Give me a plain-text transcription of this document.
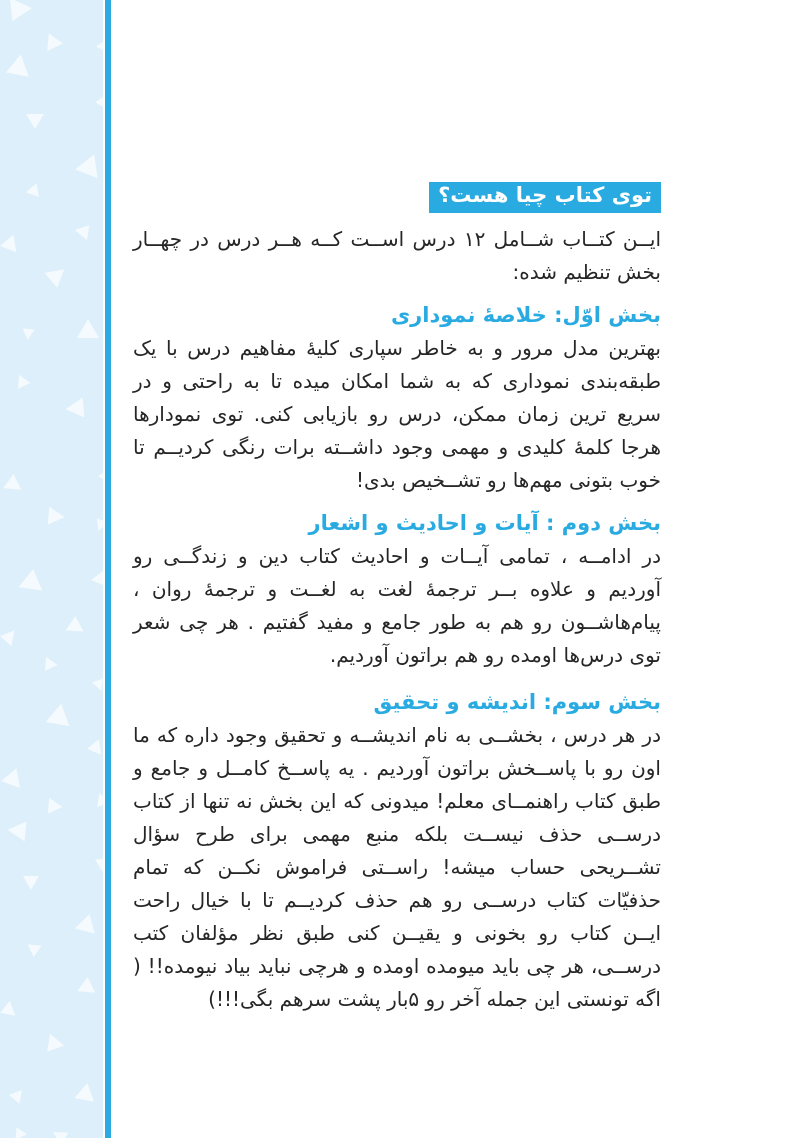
توی کتاب چیا هست؟

ایــن کتــاب شــامل ۱۲ درس اســت کــه هــر درس در چهــار بخش تنظیم شده:

بخش اوّل: خلاصهٔ نموداری

بهترین مدل مرور و به خاطر سپاری کلیهٔ مفاهیم درس با یک طبقه‌بندی نموداری که به شما امکان میده تا به راحتی و در سریع ترین زمان ممکن، درس رو بازیابی کنی. توی نمودارها هرجا کلمهٔ کلیدی و مهمی وجود داشــته برات رنگی کردیــم تا خوب بتونی مهم‌ها رو تشــخیص بدی!

بخش دوم : آیات و احادیث و اشعار

در ادامــه ، تمامی آیــات و احادیث کتاب دین و زندگــی رو آوردیم و علاوه بــر ترجمهٔ لغت به لغــت و ترجمهٔ روان ، پیام‌هاشــون رو هم به طور جامع و مفید گفتیم . هر چی شعر توی درس‌ها اومده رو هم براتون آوردیم.

بخش سوم: اندیشه و تحقیق

در هر درس ، بخشــی به نام اندیشــه و تحقیق وجود داره که ما اون رو با پاســخش براتون آوردیم . یه پاســخ کامــل و جامع و طبق کتاب راهنمــای معلم! میدونی که این بخش نه تنها از کتاب درســی حذف نیســت بلکه منبع مهمی برای طرح سؤال تشــریحی حساب میشه! راســتی فراموش نکــن که تمام حذفیّات کتاب درســی رو هم حذف کردیــم تا با خیال راحت ایــن کتاب رو بخونی و یقیــن کنی طبق نظر مؤلفان کتب درســی، هر چی باید میومده اومده و هرچی نباید بیاد نیومده!! ( اگه تونستی این جمله آخر رو ۵بار پشت سرهم بگی!!!)
